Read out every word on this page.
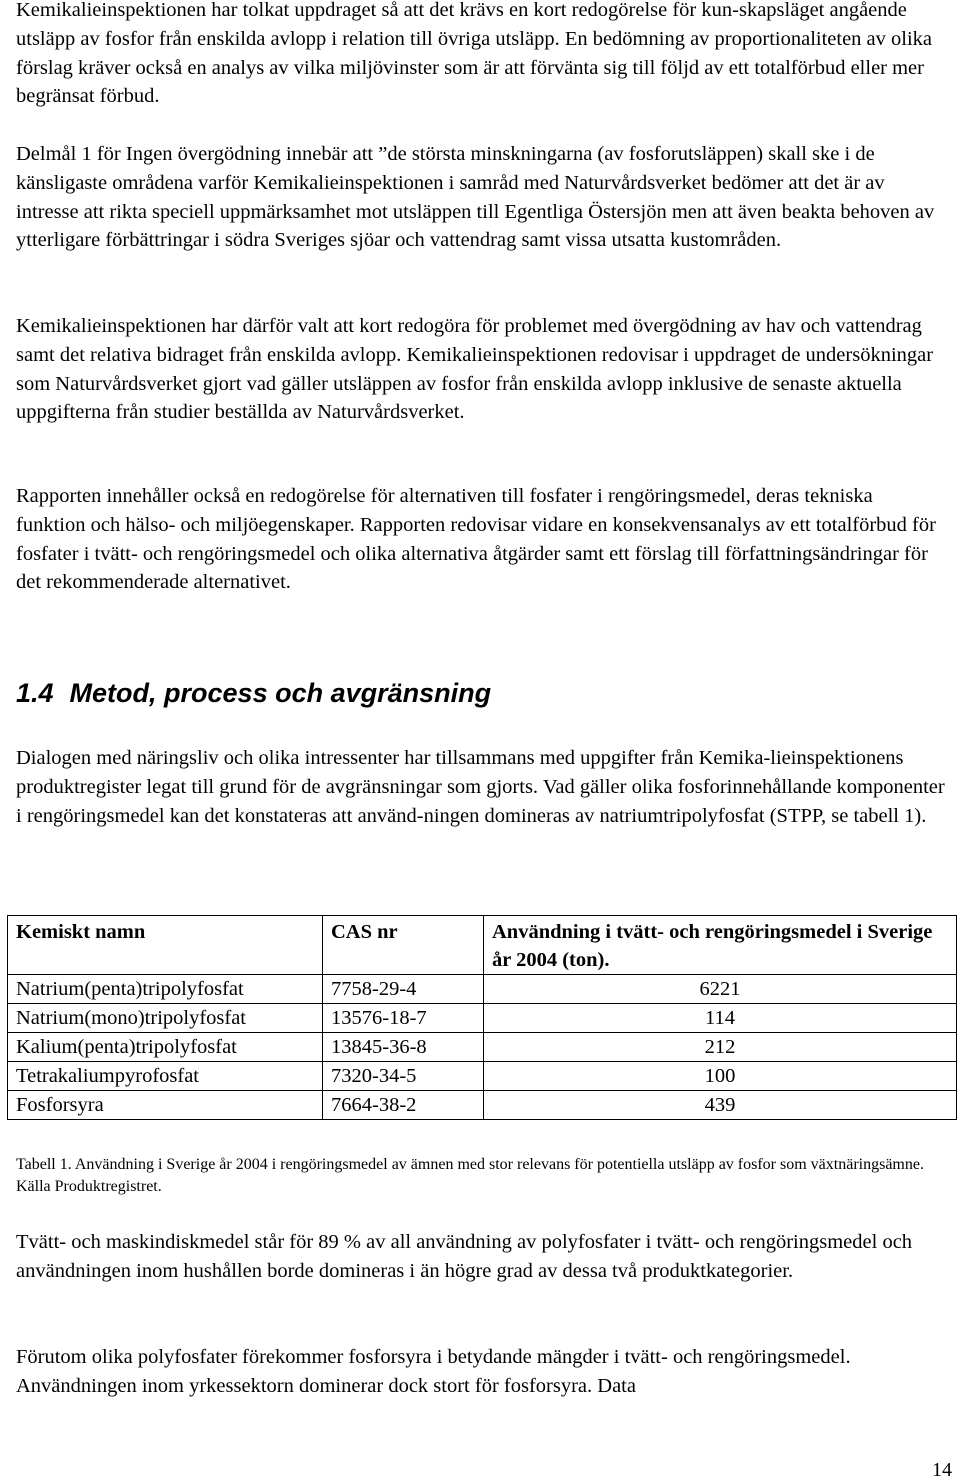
Kemikalieinspektionen har tolkat uppdraget så att det krävs en kort redogörelse för kun-skapsläget angående utsläpp av fosfor från enskilda avlopp i relation till övriga utsläpp. En bedömning av proportionaliteten av olika förslag kräver också en analys av vilka miljövinster som är att förvänta sig till följd av ett totalförbud eller mer begränsat förbud.

Delmål 1 för Ingen övergödning innebär att ”de största minskningarna (av fosforutsläppen) skall ske i de känsligaste områdena varför Kemikalieinspektionen i samråd med Naturvårdsverket bedömer att det är av intresse att rikta speciell uppmärksamhet mot utsläppen till Egentliga Östersjön men att även beakta behoven av ytterligare förbättringar i södra Sveriges sjöar och vattendrag samt vissa utsatta kustområden.

Kemikalieinspektionen har därför valt att kort redogöra för problemet med övergödning av hav och vattendrag samt det relativa bidraget från enskilda avlopp. Kemikalieinspektionen redovisar i uppdraget de undersökningar som Naturvårdsverket gjort vad gäller utsläppen av fosfor från enskilda avlopp inklusive de senaste aktuella uppgifterna från studier beställda av Naturvårdsverket.

Rapporten innehåller också en redogörelse för alternativen till fosfater i rengöringsmedel, deras tekniska funktion och hälso- och miljöegenskaper. Rapporten redovisar vidare en konsekvensanalys av ett totalförbud för fosfater i tvätt- och rengöringsmedel och olika alternativa åtgärder samt ett förslag till författningsändringar för det rekommenderade alternativet.

1.4 Metod, process och avgränsning

Dialogen med näringsliv och olika intressenter har tillsammans med uppgifter från Kemika-lieinspektionens produktregister legat till grund för de avgränsningar som gjorts. Vad gäller olika fosforinnehållande komponenter i rengöringsmedel kan det konstateras att använd-ningen domineras av natriumtripolyfosfat (STPP, se tabell 1).

Kemiskt namn	CAS nr	Användning i tvätt- och rengöringsmedel i Sverige år 2004 (ton).
Natrium(penta)tripolyfosfat	7758-29-4	6221
Natrium(mono)tripolyfosfat	13576-18-7	114
Kalium(penta)tripolyfosfat	13845-36-8	212
Tetrakaliumpyrofosfat	7320-34-5	100
Fosforsyra	7664-38-2	439

Tabell 1. Användning i Sverige år 2004 i rengöringsmedel av ämnen med stor relevans för potentiella utsläpp av fosfor som växtnäringsämne. Källa Produktregistret.

Tvätt- och maskindiskmedel står för 89 % av all användning av polyfosfater i tvätt- och rengöringsmedel och användningen inom hushållen borde domineras i än högre grad av dessa två produktkategorier.

Förutom olika polyfosfater förekommer fosforsyra i betydande mängder i tvätt- och rengöringsmedel. Användningen inom yrkessektorn dominerar dock stort för fosforsyra. Data

14
